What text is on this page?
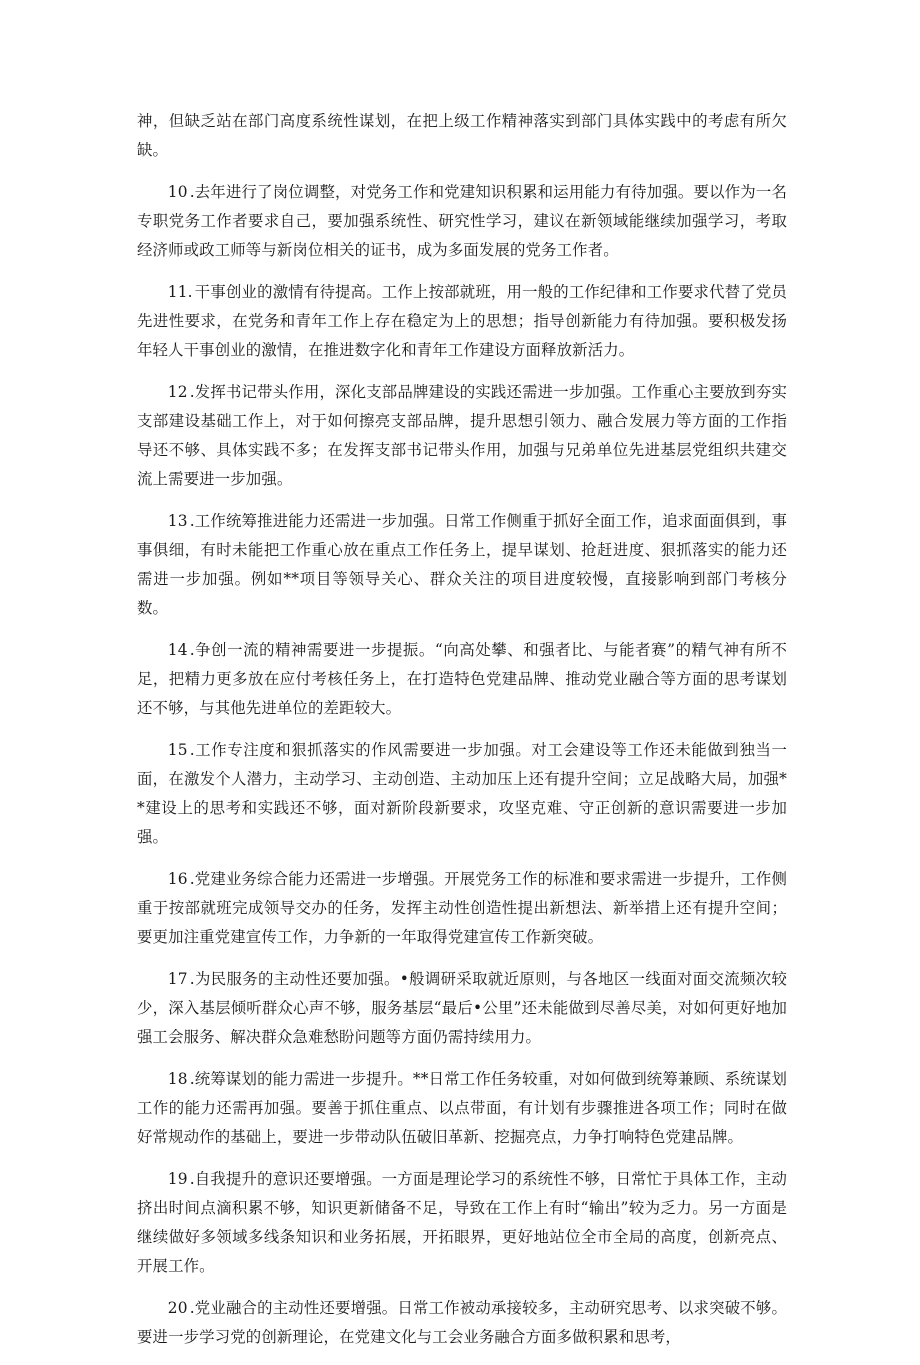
神，但缺乏站在部门高度系统性谋划，在把上级工作精神落实到部门具体实践中的考虑有所欠缺。

10 .去年进行了岗位调整，对党务工作和党建知识积累和运用能力有待加强。要以作为一名专职党务工作者要求自己，要加强系统性、研究性学习，建议在新领域能继续加强学习，考取经济师或政工师等与新岗位相关的证书，成为多面发展的党务工作者。

11. 干事创业的激情有待提高。工作上按部就班，用一般的工作纪律和工作要求代替了党员先进性要求，在党务和青年工作上存在稳定为上的思想；指导创新能力有待加强。要积极发扬年轻人干事创业的激情，在推进数字化和青年工作建设方面释放新活力。

12 .发挥书记带头作用，深化支部品牌建设的实践还需进一步加强。工作重心主要放到夯实支部建设基础工作上，对于如何擦亮支部品牌，提升思想引领力、融合发展力等方面的工作指导还不够、具体实践不多；在发挥支部书记带头作用，加强与兄弟单位先进基层党组织共建交流上需要进一步加强。

13 .工作统筹推进能力还需进一步加强。日常工作侧重于抓好全面工作，追求面面俱到，事事俱细，有时未能把工作重心放在重点工作任务上，提早谋划、抢赶进度、狠抓落实的能力还需进一步加强。例如**项目等领导关心、群众关注的项目进度较慢，直接影响到部门考核分数。

14 .争创一流的精神需要进一步提振。“向高处攀、和强者比、与能者赛”的精气神有所不足，把精力更多放在应付考核任务上，在打造特色党建品牌、推动党业融合等方面的思考谋划还不够，与其他先进单位的差距较大。

15 .工作专注度和狠抓落实的作风需要进一步加强。对工会建设等工作还未能做到独当一面，在激发个人潜力，主动学习、主动创造、主动加压上还有提升空间；立足战略大局，加强**建设上的思考和实践还不够，面对新阶段新要求，攻坚克难、守正创新的意识需要进一步加强。

16 .党建业务综合能力还需进一步增强。开展党务工作的标准和要求需进一步提升，工作侧重于按部就班完成领导交办的任务，发挥主动性创造性提出新想法、新举措上还有提升空间；要更加注重党建宣传工作，力争新的一年取得党建宣传工作新突破。

17 .为民服务的主动性还要加强。•般调研采取就近原则，与各地区一线面对面交流频次较少，深入基层倾听群众心声不够，服务基层“最后•公里”还未能做到尽善尽美，对如何更好地加强工会服务、解决群众急难愁盼问题等方面仍需持续用力。

18 .统筹谋划的能力需进一步提升。**日常工作任务较重，对如何做到统筹兼顾、系统谋划工作的能力还需再加强。要善于抓住重点、以点带面，有计划有步骤推进各项工作；同时在做好常规动作的基础上，要进一步带动队伍破旧革新、挖掘亮点，力争打响特色党建品牌。

19 .自我提升的意识还要增强。一方面是理论学习的系统性不够，日常忙于具体工作，主动挤出时间点滴积累不够，知识更新储备不足，导致在工作上有时“输出”较为乏力。另一方面是继续做好多领域多线条知识和业务拓展，开拓眼界，更好地站位全市全局的高度，创新亮点、开展工作。

20 .党业融合的主动性还要增强。日常工作被动承接较多，主动研究思考、以求突破不够。要进一步学习党的创新理论，在党建文化与工会业务融合方面多做积累和思考，
